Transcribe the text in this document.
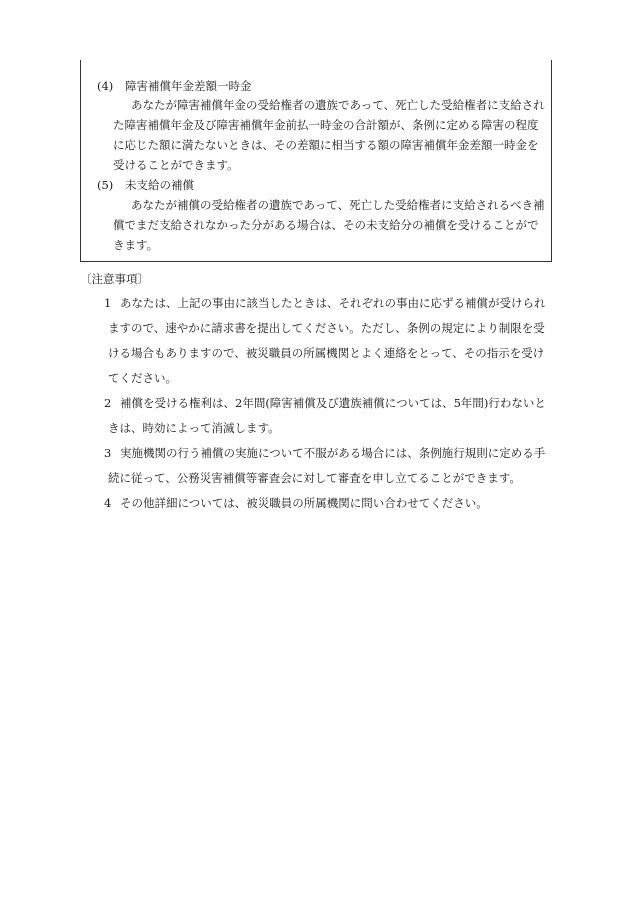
(4) 障害補償年金差額一時金
あなたが障害補償年金の受給権者の遺族であって、死亡した受給権者に支給され
た障害補償年金及び障害補償年金前払一時金の合計額が、条例に定める障害の程度
に応じた額に満たないときは、その差額に相当する額の障害補償年金差額一時金を
受けることができます。
(5) 未支給の補償
あなたが補償の受給権者の遺族であって、死亡した受給権者に支給されるべき補
償でまだ支給されなかった分がある場合は、その未支給分の補償を受けることがで
きます。
〔注意事項〕
1 あなたは、上記の事由に該当したときは、それぞれの事由に応ずる補償が受けられ
ますので、速やかに請求書を提出してください。ただし、条例の規定により制限を受
ける場合もありますので、被災職員の所属機関とよく連絡をとって、その指示を受け
てください。
2 補償を受ける権利は、2年間(障害補償及び遺族補償については、5年間)行わないと
きは、時効によって消滅します。
3 実施機関の行う補償の実施について不服がある場合には、条例施行規則に定める手
続に従って、公務災害補償等審査会に対して審査を申し立てることができます。
4 その他詳細については、被災職員の所属機関に問い合わせてください。
